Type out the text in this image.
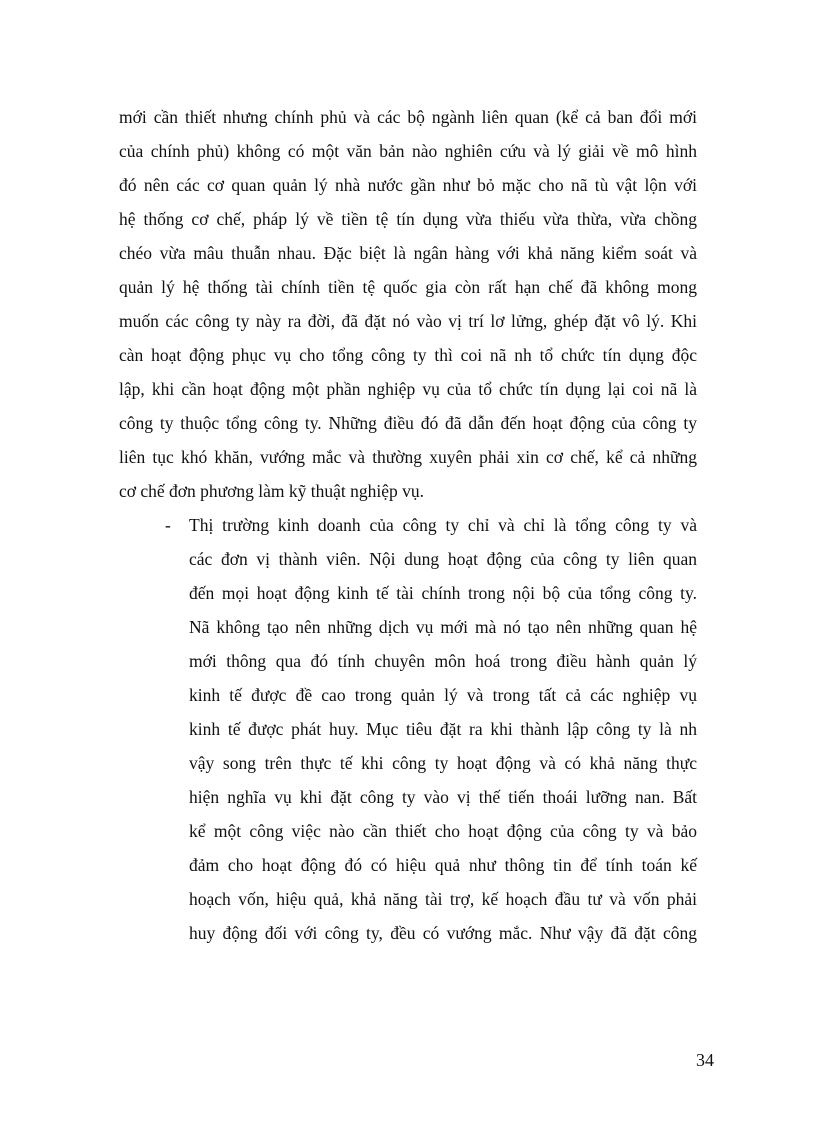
mới cần thiết nhưng chính phủ và các bộ ngành liên quan (kể cả ban đổi mới
của chính phủ) không có một văn bản nào nghiên cứu và lý giải về mô hình
đó nên các cơ quan quản lý nhà nước gần như bỏ mặc cho nã tù vật lộn với
hệ thống cơ chế, pháp lý về tiền tệ tín dụng vừa thiếu vừa thừa, vừa chồng
chéo vừa mâu thuẫn nhau. Đặc biệt là ngân hàng với khả năng kiểm soát và
quản lý hệ thống tài chính tiền tệ quốc gia còn rất hạn chế đã không mong
muốn các công ty này ra đời, đã đặt nó vào vị trí lơ lửng, ghép đặt vô lý. Khi
càn hoạt động phục vụ cho tổng công ty thì coi nã nh tổ chức tín dụng độc
lập, khi cần hoạt động một phần nghiệp vụ của tổ chức tín dụng lại coi nã là
công ty thuộc tổng công ty. Những điều đó đã dẫn đến hoạt động của công ty
liên tục khó khăn, vướng mắc và thường xuyên phải xin cơ chế, kể cả những
cơ chế đơn phương làm kỹ thuật nghiệp vụ.
- Thị trường kinh doanh của công ty chỉ và chỉ là tổng công ty và
các đơn vị thành viên. Nội dung hoạt động của công ty liên quan
đến mọi hoạt động kinh tế tài chính trong nội bộ của tổng công ty.
Nã không tạo nên những dịch vụ mới mà nó tạo nên những quan hệ
mới thông qua đó tính chuyên môn hoá trong điều hành quản lý
kinh tế được đề cao trong quản lý và trong tất cả các nghiệp vụ
kinh tế được phát huy. Mục tiêu đặt ra khi thành lập công ty là nh
vậy song trên thực tế khi công ty hoạt động và có khả năng thực
hiện nghĩa vụ khi đặt công ty vào vị thế tiến thoái lưỡng nan. Bất
kể một công việc nào cần thiết cho hoạt động của công ty và bảo
đảm cho hoạt động đó có hiệu quả như thông tin để tính toán kế
hoạch vốn, hiệu quả, khả năng tài trợ, kế hoạch đầu tư và vốn phải
huy động đối với công ty, đều có vướng mắc. Như vậy đã đặt công
34
